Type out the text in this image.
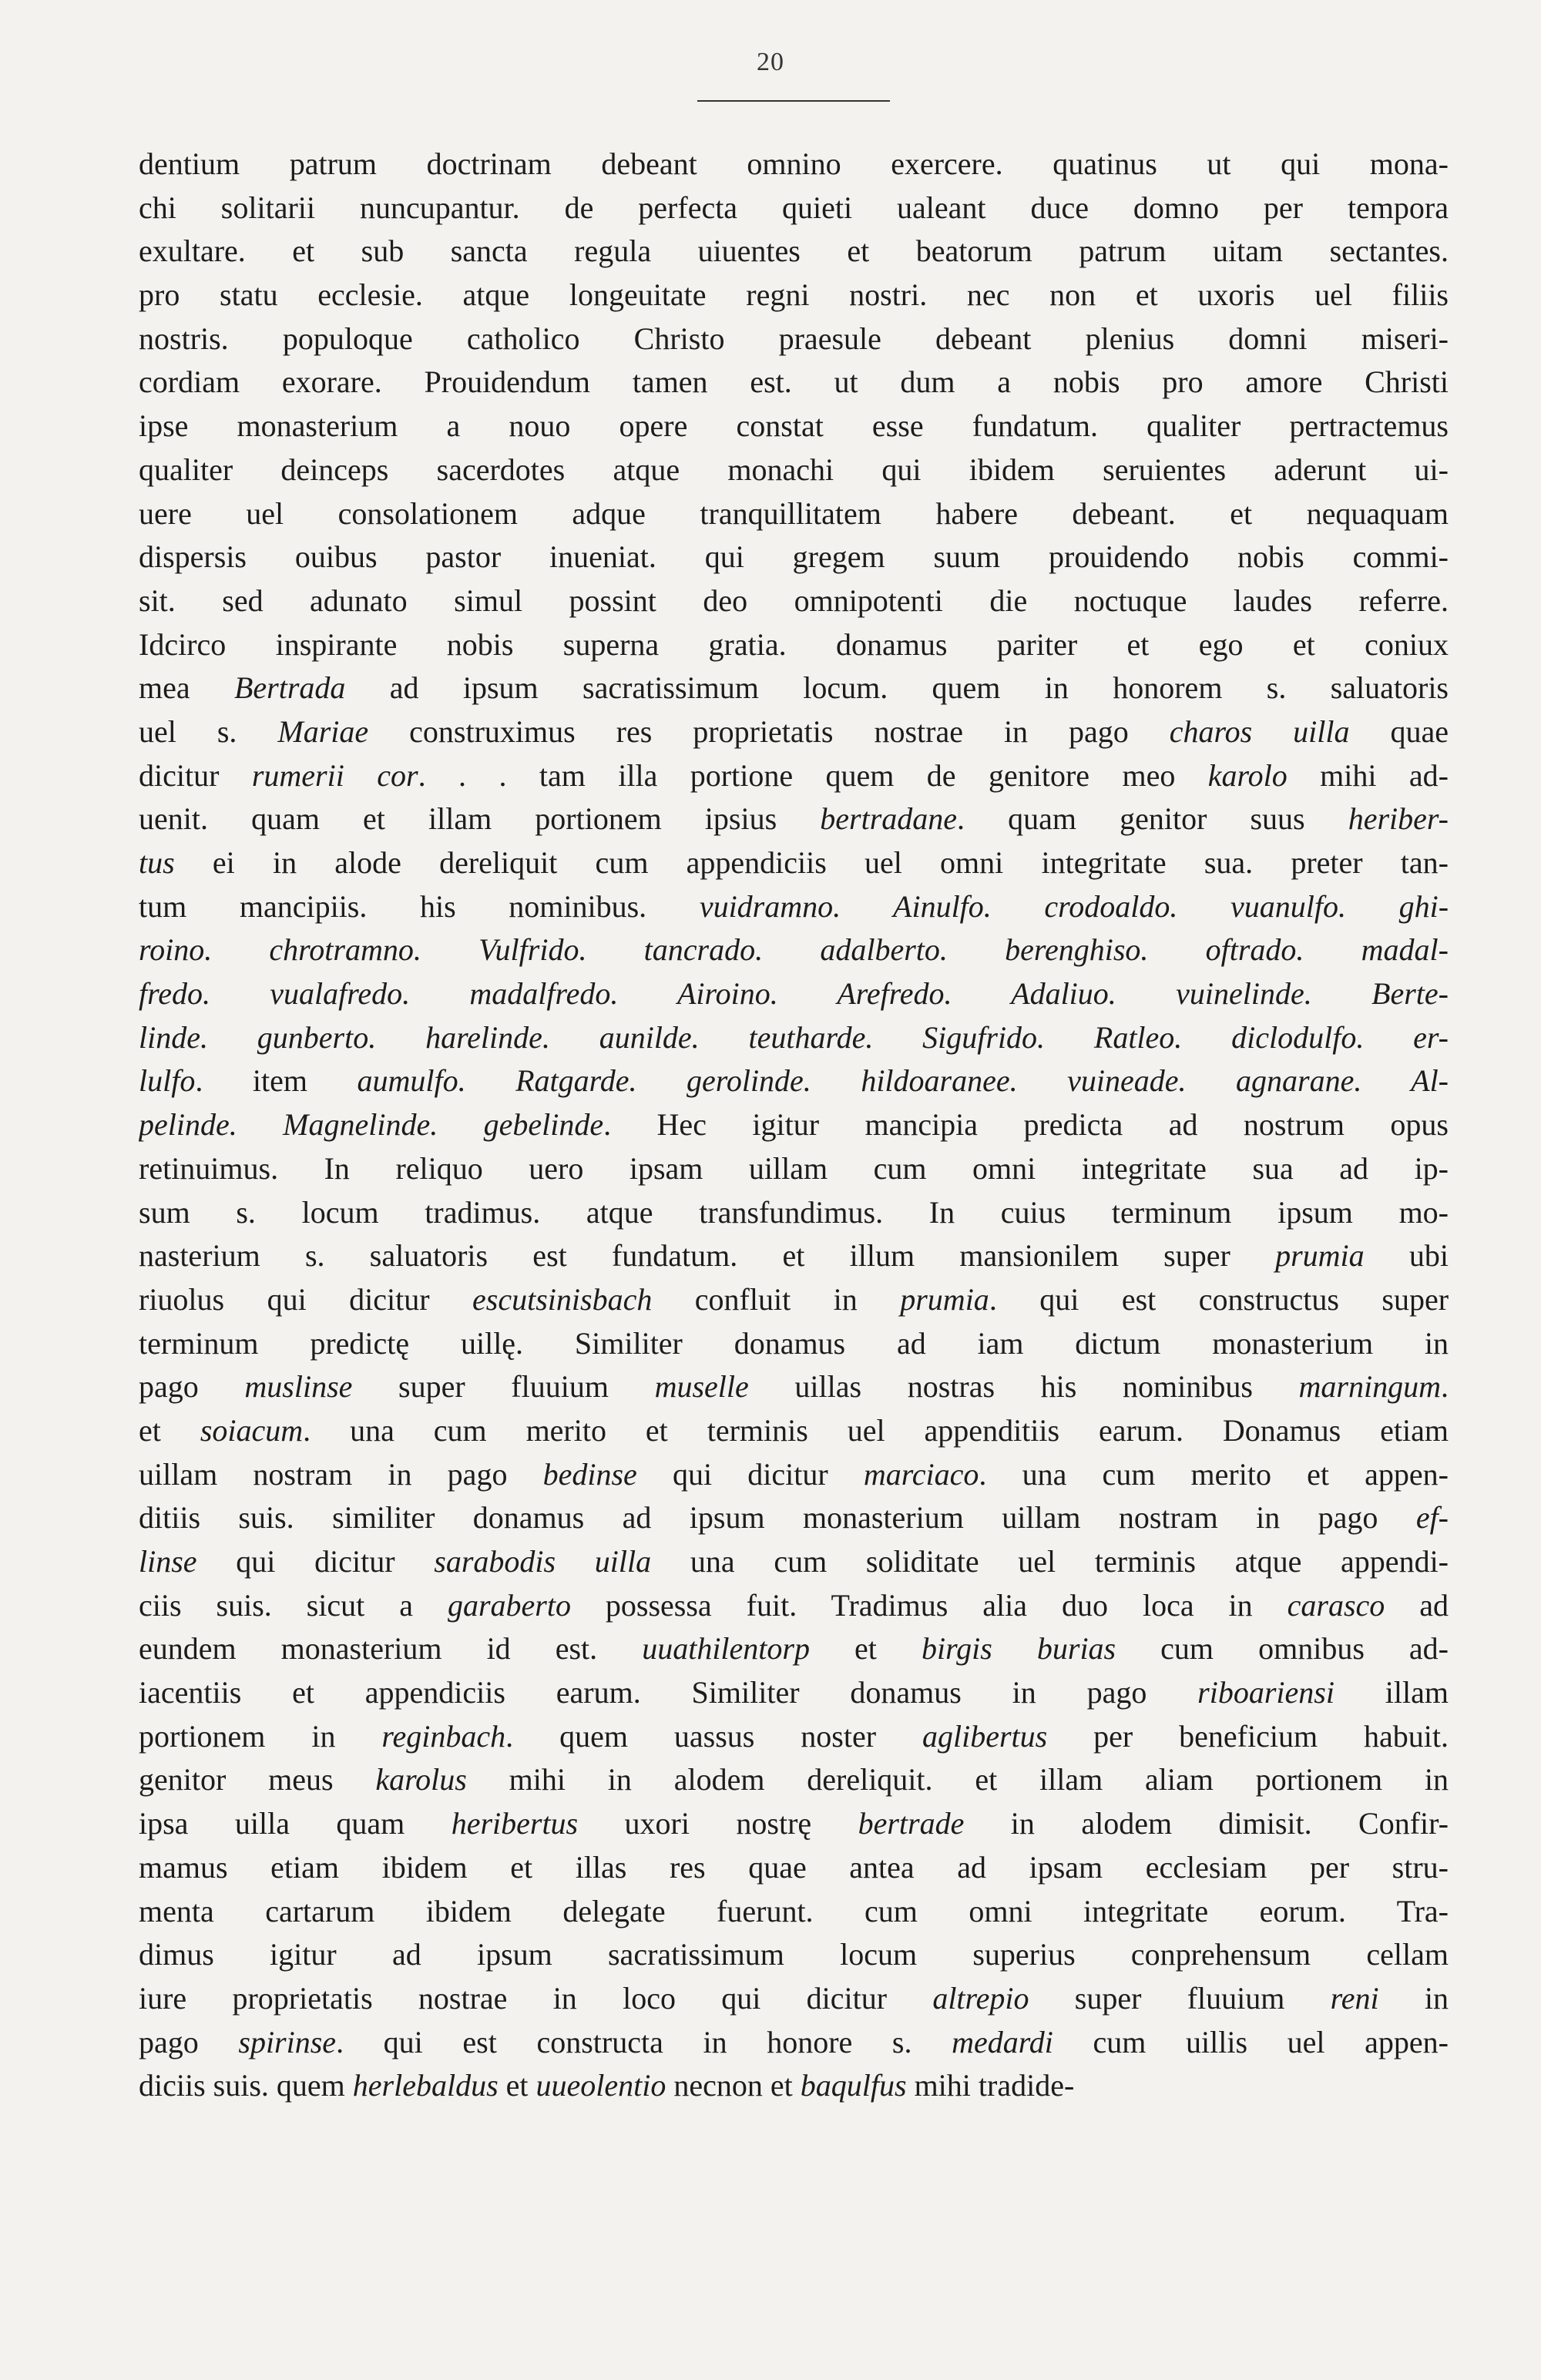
20
dentium patrum doctrinam debeant omnino exercere. quatinus ut qui mona-
chi solitarii nuncupantur. de perfecta quieti ualeant duce domno per tempora
exultare. et sub sancta regula uiuentes et beatorum patrum uitam sectantes.
pro statu ecclesie. atque longeuitate regni nostri. nec non et uxoris uel filiis
nostris. populoque catholico Christo praesule debeant plenius domni miseri-
cordiam exorare. Prouidendum tamen est. ut dum a nobis pro amore Christi
ipse monasterium a nouo opere constat esse fundatum. qualiter pertractemus
qualiter deinceps sacerdotes atque monachi qui ibidem seruientes aderunt ui-
uere uel consolationem adque tranquillitatem habere debeant. et nequaquam
dispersis ouibus pastor inueniat. qui gregem suum prouidendo nobis commi-
sit. sed adunato simul possint deo omnipotenti die noctuque laudes referre.
Idcirco inspirante nobis superna gratia. donamus pariter et ego et coniux
mea Bertrada ad ipsum sacratissimum locum. quem in honorem s. saluatoris
uel s. Mariae construximus res proprietatis nostrae in pago charos uilla quae
dicitur rumerii cor. . . tam illa portione quem de genitore meo karolo mihi ad-
uenit. quam et illam portionem ipsius bertradane. quam genitor suus heriber-
tus ei in alode dereliquit cum appendiciis uel omni integritate sua. preter tan-
tum mancipiis. his nominibus. vuidramno. Ainulfo. crodoaldo. vuanulfo. ghi-
roino. chrotramno. Vulfrido. tancrado. adalberto. berenghiso. oftrado. madal-
fredo. vualafredo. madalfredo. Airoino. Arefredo. Adaliuo. vuinelinde. Berte-
linde. gunberto. harelinde. aunilde. teutharde. Sigufrido. Ratleo. diclodulfo. er-
lulfo. item aumulfo. Ratgarde. gerolinde. hildoaranee. vuineade. agnarane. Al-
pelinde. Magnelinde. gebelinde. Hec igitur mancipia predicta ad nostrum opus
retinuimus. In reliquo uero ipsam uillam cum omni integritate sua ad ip-
sum s. locum tradimus. atque transfundimus. In cuius terminum ipsum mo-
nasterium s. saluatoris est fundatum. et illum mansionilem super prumia ubi
riuolus qui dicitur escutsinisbach confluit in prumia. qui est constructus super
terminum predictę uillę. Similiter donamus ad iam dictum monasterium in
pago muslinse super fluuium muselle uillas nostras his nominibus marningum.
et soiacum. una cum merito et terminis uel appenditiis earum. Donamus etiam
uillam nostram in pago bedinse qui dicitur marciaco. una cum merito et appen-
ditiis suis. similiter donamus ad ipsum monasterium uillam nostram in pago ef-
linse qui dicitur sarabodis uilla una cum soliditate uel terminis atque appendi-
ciis suis. sicut a garaberto possessa fuit. Tradimus alia duo loca in carasco ad
eundem monasterium id est. uuathilentorp et birgis burias cum omnibus ad-
iacentiis et appendiciis earum. Similiter donamus in pago riboariensi illam
portionem in reginbach. quem uassus noster aglibertus per beneficium habuit.
genitor meus karolus mihi in alodem dereliquit. et illam aliam portionem in
ipsa uilla quam heribertus uxori nostrę bertrade in alodem dimisit. Confir-
mamus etiam ibidem et illas res quae antea ad ipsam ecclesiam per stru-
menta cartarum ibidem delegate fuerunt. cum omni integritate eorum. Tra-
dimus igitur ad ipsum sacratissimum locum superius conprehensum cellam
iure proprietatis nostrae in loco qui dicitur altrepio super fluuium reni in
pago spirinse. qui est constructa in honore s. medardi cum uillis uel appen-
diciis suis. quem herlebaldus et uueolentio necnon et baqulfus mihi tradide-
